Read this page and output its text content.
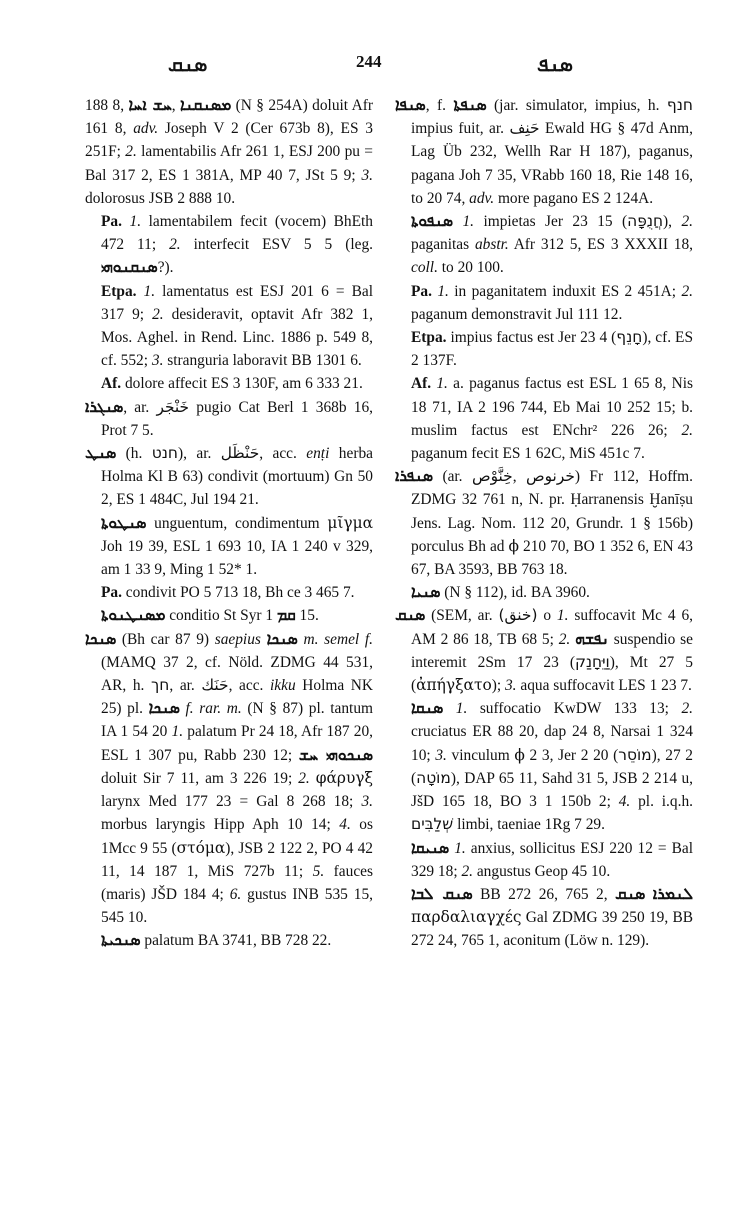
ܣܢܩ	244	ܣܢܦ

188 8, ܚܫ ܐܚܐ, ܡܣܢܩܢܐ (N § 254A) doluit Afr 161 8, adv. Joseph V 2 (Cer 673b 8), ES 3 251F; 2. lamentabilis Afr 261 1, ESJ 200 pu = Bal 317 2, ES 1 381A, MP 40 7, JSt 5 9; 3. dolorosus JSB 2 888 10.

Pa. 1. lamentabilem fecit (vocem) BhEth 472 11; 2. interfecit ESV 5 5 (leg. ܣܢܩܢܘܗܝ?).

Etpa. 1. lamentatus est ESJ 201 6 = Bal 317 9; 2. desideravit, optavit Afr 382 1, Mos. Aghel. in Rend. Linc. 1886 p. 549 8, cf. 552; 3. stranguria laboravit BB 1301 6.

Af. dolore affecit ES 3 130F, am 6 333 21.

ܣܢܓܪܐ, ar. خَنْجَر pugio Cat Berl 1 368b 16, Prot 7 5.

ܣܢܛ (h. חנט), ar. حَنْظَل, acc. enṭi herba Holma Kl B 63) condivit (mortuum) Gn 50 2, ES 1 484C, Jul 194 21.

ܣܢܛܘܬܐ unguentum, condimentum μῖγμα Joh 19 39, ESL 1 693 10, IA 1 240 v 329, am 1 33 9, Ming 1 52* 1.

Pa. condivit PO 5 713 18, Bh ce 3 465 7.

ܡܣܢܛܢܘܬܐ conditio St Syr 1 ܩܡ 15.

ܣܢܟܐ (Bh car 87 9) saepius ܣܢܟܐ m. semel f. (MAMQ 37 2, cf. Nöld. ZDMG 44 531, AR, h. חך, ar. حَنَك, acc. ikku Holma NK 25) pl. ܣܢܟܐ f. rar. m. (N § 87) pl. tantum IA 1 54 20 1. palatum Pr 24 18, Afr 187 20, ESL 1 307 pu, Rabb 230 12; ܣܢܟܘܗܝ ܚܫ doluit Sir 7 11, am 3 226 19; 2. φάρυγξ larynx Med 177 23 = Gal 8 268 18; 3. morbus laryngis Hipp Aph 10 14; 4. os 1Mcc 9 55 (στόμα), JSB 2 122 2, PO 4 42 11, 14 187 1, MiS 727b 11; 5. fauces (maris) JŠD 184 4; 6. gustus INB 535 15, 545 10.

ܣܢܟܝܬܐ palatum BA 3741, BB 728 22.

ܣܢܦܐ, f. ܣܢܦܬܐ (jar. simulator, impius, h. חנף impius fuit, ar. حَنِف Ewald HG § 47d Anm, Lag Üb 232, Wellh Rar H 187), paganus, pagana Joh 7 35, VRabb 160 18, Rie 148 16, to 20 74, adv. more pagano ES 2 124A.

ܣܢܦܘܬܐ 1. impietas Jer 23 15 (חֲנֻפָּה), 2. paganitas abstr. Afr 312 5, ES 3 XXXII 18, coll. to 20 100.

Pa. 1. in paganitatem induxit ES 2 451A; 2. paganum demonstravit Jul 111 12.

Etpa. impius factus est Jer 23 4 (חָנֵף), cf. ES 2 137F.

Af. 1. a. paganus factus est ESL 1 65 8, Nis 18 71, IA 2 196 744, Eb Mai 10 252 15; b. muslim factus est ENchr² 226 26; 2. paganum fecit ES 1 62C, MiS 451c 7.

ܣܢܦܪܐ (ar. خِنَّوْص, خرنوص) Fr 112, Hoffm. ZDMG 32 761 n, N. pr. Ḥarranensis Ḫanīṣu Jens. Lag. Nom. 112 20, Grundr. 1 § 156b) porculus Bh ad ϕ 210 70, BO 1 352 6, EN 43 67, BA 3593, BB 763 18.

ܣܢܝܐ (N § 112), id. BA 3960.

ܣܢܩ (SEM, ar. (خنق) o 1. suffocavit Mc 4 6, AM 2 86 18, TB 68 5; 2. ܢܦܫܗ suspendio se interemit 2Sm 17 23 (וַיֵּחָנַק), Mt 27 5 (ἀπήγξατο); 3. aqua suffocavit LES 1 23 7.

ܣܢܩܐ 1. suffocatio KwDW 133 13; 2. cruciatus ER 88 20, dap 24 8, Narsai 1 324 10; 3. vinculum ϕ 2 3, Jer 2 20 (מוֹסֵר), 27 2 (מוֹטָה), DAP 65 11, Sahd 31 5, JSB 2 214 u, JšD 165 18, BO 3 1 150b 2; 4. pl. i.q.h. שְׁלַבִּים limbi, taeniae 1Rg 7 29.

ܣܢܝܩܐ 1. anxius, sollicitus ESJ 220 12 = Bal 329 18; 2. angustus Geop 45 10.

ܣܢܩ ܠܒܐ BB 272 26, 765 2, ܣܢܩ ܠܢܡܪܐ παρδαλιαγχές Gal ZDMG 39 250 19, BB 272 24, 765 1, aconitum (Löw n. 129).
